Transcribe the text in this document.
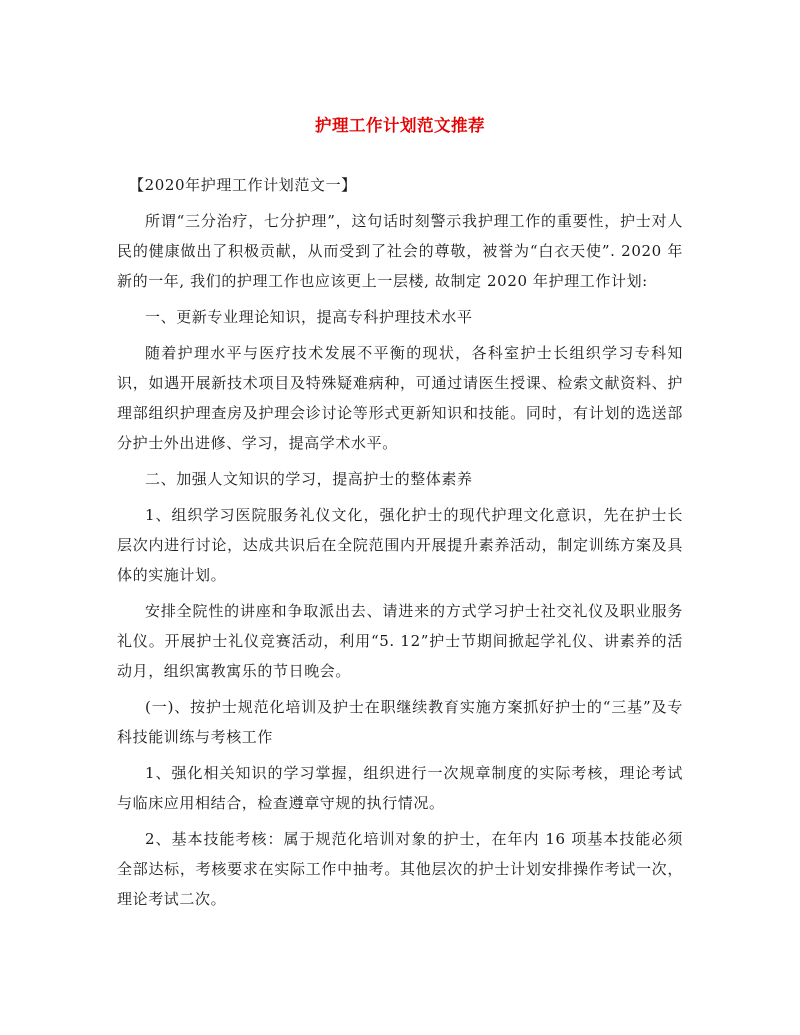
护理工作计划范文推荐

【2020年护理工作计划范文一】

所谓“三分治疗，七分护理”，这句话时刻警示我护理工作的重要性，护士对人民的健康做出了积极贡献，从而受到了社会的尊敬，被誉为“白衣天使”. 2020 年新的一年, 我们的护理工作也应该更上一层楼, 故制定 2020 年护理工作计划:

一、更新专业理论知识，提高专科护理技术水平

随着护理水平与医疗技术发展不平衡的现状，各科室护士长组织学习专科知识，如遇开展新技术项目及特殊疑难病种，可通过请医生授课、检索文献资料、护理部组织护理查房及护理会诊讨论等形式更新知识和技能。同时，有计划的选送部分护士外出进修、学习，提高学术水平。

二、加强人文知识的学习，提高护士的整体素养

1、组织学习医院服务礼仪文化，强化护士的现代护理文化意识，先在护士长层次内进行讨论，达成共识后在全院范围内开展提升素养活动，制定训练方案及具体的实施计划。

安排全院性的讲座和争取派出去、请进来的方式学习护士社交礼仪及职业服务礼仪。开展护士礼仪竞赛活动，利用“5. 12”护士节期间掀起学礼仪、讲素养的活动月，组织寓教寓乐的节日晚会。

(一)、按护士规范化培训及护士在职继续教育实施方案抓好护士的“三基”及专科技能训练与考核工作

1、强化相关知识的学习掌握，组织进行一次规章制度的实际考核，理论考试与临床应用相结合，检查遵章守规的执行情况。

2、基本技能考核：属于规范化培训对象的护士，在年内 16 项基本技能必须全部达标，考核要求在实际工作中抽考。其他层次的护士计划安排操作考试一次，理论考试二次。
